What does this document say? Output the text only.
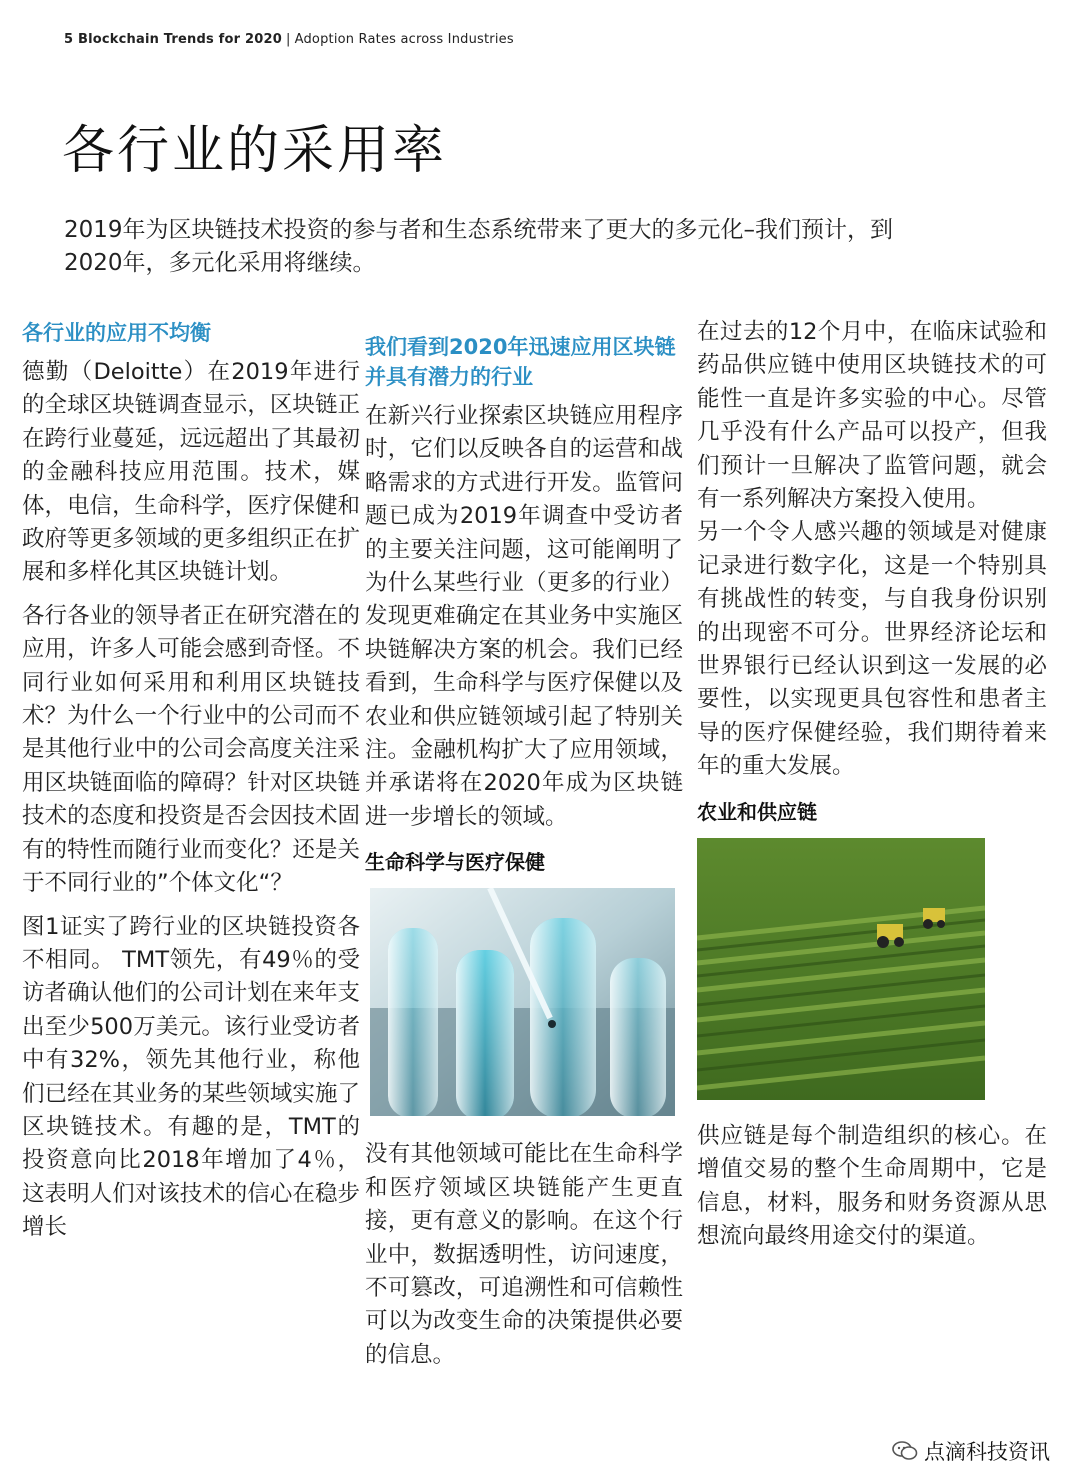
5 Blockchain Trends for 2020 | Adoption Rates across Industries
各行业的采用率
2019年为区块链技术投资的参与者和生态系统带来了更大的多元化–我们预计，到2020年，多元化采用将继续。
各行业的应用不均衡

德勤（Deloitte）在2019年进行的全球区块链调查显示，区块链正在跨行业蔓延，远远超出了其最初的金融科技应用范围。技术，媒体，电信，生命科学，医疗保健和政府等更多领域的更多组织正在扩展和多样化其区块链计划。

各行各业的领导者正在研究潜在的应用，许多人可能会感到奇怪。不同行业如何采用和利用区块链技术？为什么一个行业中的公司而不是其他行业中的公司会高度关注采用区块链面临的障碍？针对区块链技术的态度和投资是否会因技术固有的特性而随行业而变化？还是关于不同行业的”个体文化“？

图1证实了跨行业的区块链投资各不相同。 TMT领先，有49％的受访者确认他们的公司计划在来年支出至少500万美元。该行业受访者中有32%，领先其他行业，称他们已经在其业务的某些领域实施了区块链技术。有趣的是，TMT的投资意向比2018年增加了4％，这表明人们对该技术的信心在稳步增长

我们看到2020年迅速应用区块链并具有潜力的行业

在新兴行业探索区块链应用程序时，它们以反映各自的运营和战略需求的方式进行开发。监管问题已成为2019年调查中受访者的主要关注问题，这可能阐明了为什么某些行业（更多的行业）发现更难确定在其业务中实施区块链解决方案的机会。我们已经看到，生命科学与医疗保健以及农业和供应链领域引起了特别关注。金融机构扩大了应用领域，并承诺将在2020年成为区块链进一步增长的领域。

生命科学与医疗保健

没有其他领域可能比在生命科学和医疗领域区块链能产生更直接，更有意义的影响。在这个行业中，数据透明性，访问速度，不可篡改，可追溯性和可信赖性可以为改变生命的决策提供必要的信息。

在过去的12个月中，在临床试验和药品供应链中使用区块链技术的可能性一直是许多实验的中心。尽管几乎没有什么产品可以投产，但我们预计一旦解决了监管问题，就会有一系列解决方案投入使用。

另一个令人感兴趣的领域是对健康记录进行数字化，这是一个特别具有挑战性的转变，与自我身份识别的出现密不可分。世界经济论坛和世界银行已经认识到这一发展的必要性，以实现更具包容性和患者主导的医疗保健经验，我们期待着来年的重大发展。

农业和供应链

供应链是每个制造组织的核心。在增值交易的整个生命周期中，它是信息，材料，服务和财务资源从思想流向最终用途交付的渠道。

点滴科技资讯
